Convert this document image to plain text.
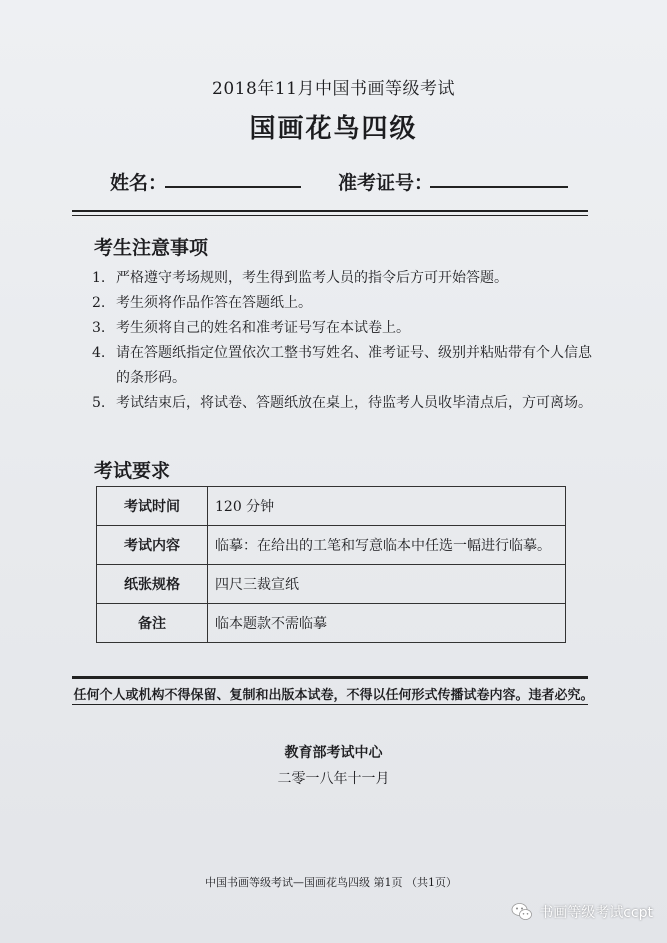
2018年11月中国书画等级考试
国画花鸟四级
姓名：	准考证号：
考生注意事项
1. 严格遵守考场规则，考生得到监考人员的指令后方可开始答题。
2. 考生须将作品作答在答题纸上。
3. 考生须将自己的姓名和准考证号写在本试卷上。
4. 请在答题纸指定位置依次工整书写姓名、准考证号、级别并粘贴带有个人信息的条形码。
5. 考试结束后，将试卷、答题纸放在桌上，待监考人员收毕清点后，方可离场。
考试要求
考试时间	120 分钟
考试内容	临摹：在给出的工笔和写意临本中任选一幅进行临摹。
纸张规格	四尺三裁宣纸
备注	临本题款不需临摹
任何个人或机构不得保留、复制和出版本试卷，不得以任何形式传播试卷内容。违者必究。
教育部考试中心
二零一八年十一月
中国书画等级考试—国画花鸟四级 第1页 （共1页）
书画等级考试ccpt
